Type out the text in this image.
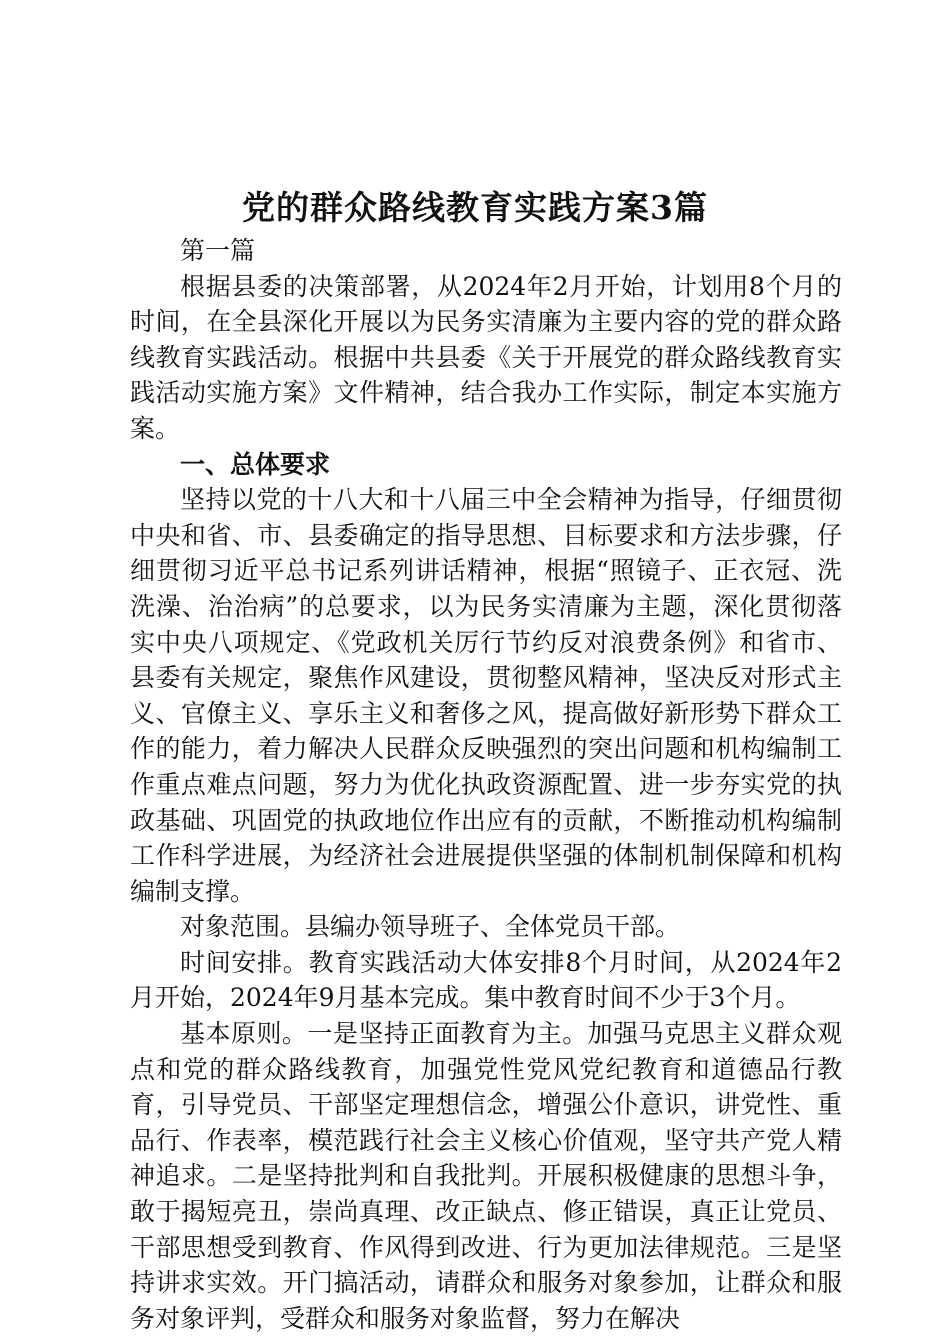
党的群众路线教育实践方案3篇

第一篇

根据县委的决策部署，从2024年2月开始，计划用8个月的时间，在全县深化开展以为民务实清廉为主要内容的党的群众路线教育实践活动。根据中共县委《关于开展党的群众路线教育实践活动实施方案》文件精神，结合我办工作实际，制定本实施方案。

一、总体要求

坚持以党的十八大和十八届三中全会精神为指导，仔细贯彻中央和省、市、县委确定的指导思想、目标要求和方法步骤，仔细贯彻习近平总书记系列讲话精神，根据“照镜子、正衣冠、洗洗澡、治治病”的总要求，以为民务实清廉为主题，深化贯彻落实中央八项规定、《党政机关厉行节约反对浪费条例》和省市、县委有关规定，聚焦作风建设，贯彻整风精神，坚决反对形式主义、官僚主义、享乐主义和奢侈之风，提高做好新形势下群众工作的能力，着力解决人民群众反映强烈的突出问题和机构编制工作重点难点问题，努力为优化执政资源配置、进一步夯实党的执政基础、巩固党的执政地位作出应有的贡献，不断推动机构编制工作科学进展，为经济社会进展提供坚强的体制机制保障和机构编制支撑。

对象范围。县编办领导班子、全体党员干部。

时间安排。教育实践活动大体安排8个月时间，从2024年2月开始，2024年9月基本完成。集中教育时间不少于3个月。

基本原则。一是坚持正面教育为主。加强马克思主义群众观点和党的群众路线教育，加强党性党风党纪教育和道德品行教育，引导党员、干部坚定理想信念，增强公仆意识，讲党性、重品行、作表率，模范践行社会主义核心价值观，坚守共产党人精神追求。二是坚持批判和自我批判。开展积极健康的思想斗争，敢于揭短亮丑，崇尚真理、改正缺点、修正错误，真正让党员、干部思想受到教育、作风得到改进、行为更加法律规范。三是坚持讲求实效。开门搞活动，请群众和服务对象参加，让群众和服务对象评判，受群众和服务对象监督，努力在解决
